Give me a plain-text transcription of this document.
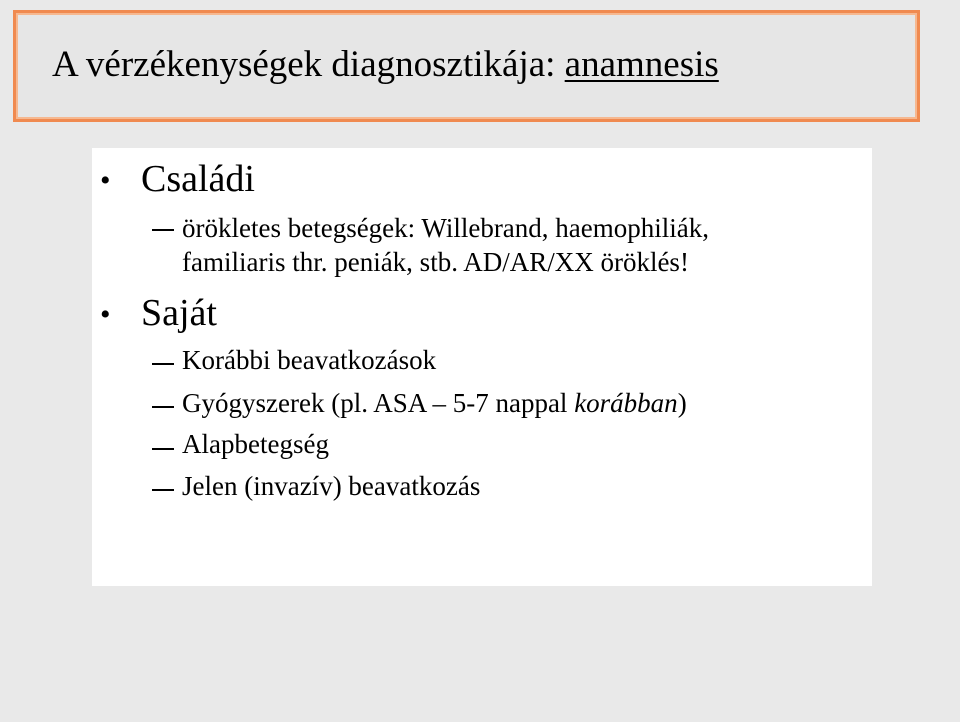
A vérzékenységek diagnosztikája: anamnesis
• Családi
örökletes betegségek: Willebrand, haemophiliák,
familiaris thr. peniák, stb. AD/AR/XX öröklés!
• Saját
Korábbi beavatkozások
Gyógyszerek (pl. ASA – 5-7 nappal korábban)
Alapbetegség
Jelen (invazív) beavatkozás
